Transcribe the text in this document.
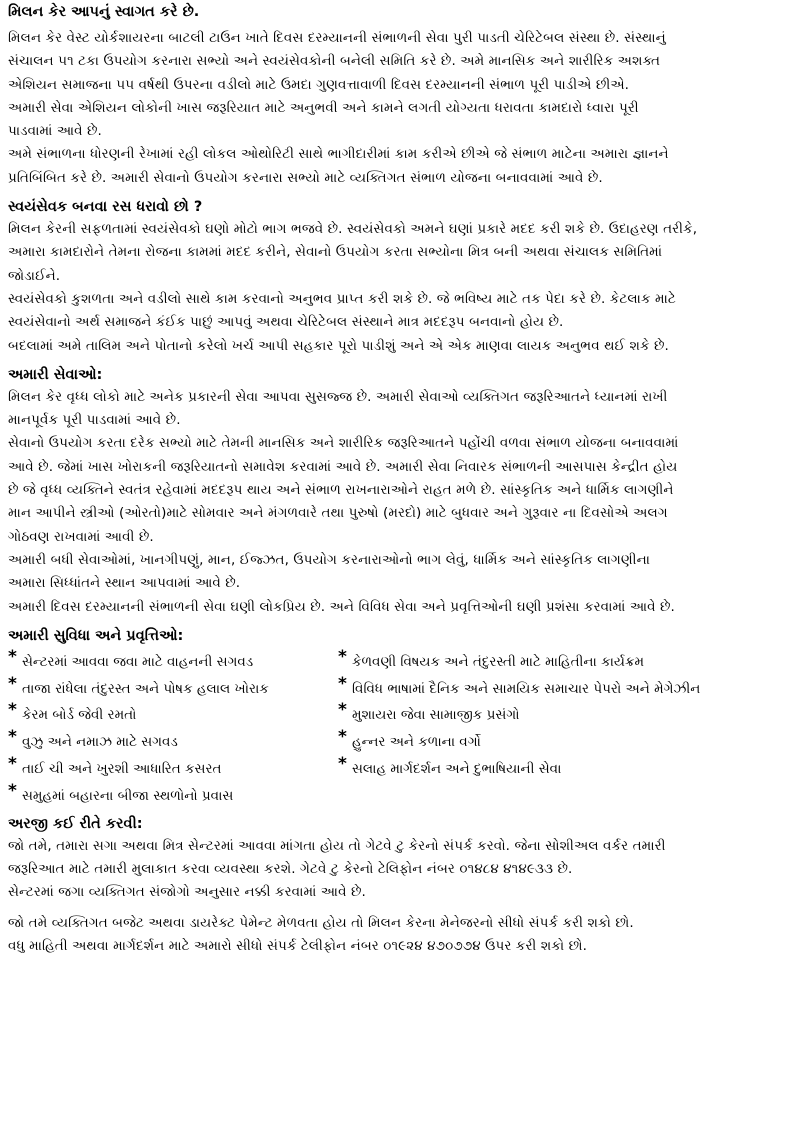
મિલન કેર આપનું સ્વાગત કરે છે.

મિલન કેર વેસ્ટ યોર્કશાયરના બાટલી ટાઉન ખાતે દિવસ દરમ્યાનની સંભાળની સેવા પુરી પાડતી ચેરિટેબલ સંસ્થા છે. સંસ્થાનું

સંચાલન ૫૧ ટકા ઉપયોગ કરનારા સભ્યો અને સ્વયંસેવકોની બનેલી સમિતિ કરે છે. અમે માનસિક અને શારીરિક અશક્ત

એશિયન સમાજના ૫૫ વર્ષથી ઉપરના વડીલો માટે ઉમદા ગુણવત્તાવાળી દિવસ દરમ્યાનની સંભાળ પૂરી પાડીએ છીએ.

અમારી સેવા એશિયન લોકોની ખાસ જરૂરિયાત માટે અનુભવી અને કામને લગતી યોગ્યતા ધરાવતા કામદારો ધ્વારા પૂરી

પાડવામાં આવે છે.

અમે સંભાળના ધોરણની રેખામાં રહી લોકલ ઓથોરિટી સાથે ભાગીદારીમાં કામ કરીએ છીએ જે સંભાળ માટેના અમારા જ્ઞાનને

પ્રતિબિંબિત કરે છે. અમારી સેવાનો ઉપયોગ કરનારા સભ્યો માટે વ્યક્તિગત સંભાળ યોજના બનાવવામાં આવે છે.

સ્વયંસેવક બનવા રસ ધરાવો છો ?

મિલન કેરની સફળતામાં સ્વયંસેવકો ઘણો મોટો ભાગ ભજવે છે. સ્વયંસેવકો અમને ઘણાં પ્રકારે મદદ કરી શકે છે. ઉદાહરણ તરીકે,

અમારા કામદારોને તેમના રોજના કામમાં મદદ કરીને, સેવાનો ઉપયોગ કરતા સભ્યોના મિત્ર બની અથવા સંચાલક સમિતિમાં

જોડાઈને.

સ્વયંસેવકો કુશળતા અને વડીલો સાથે કામ કરવાનો અનુભવ પ્રાપ્ત કરી શકે છે. જે ભવિષ્ય માટે તક પેદા કરે છે. કેટલાક માટે

સ્વયંસેવાનો અર્થ સમાજને કંઈક પાછું આપવું અથવા ચેરિટેબલ સંસ્થાને માત્ર મદદરૂપ બનવાનો હોય છે.

બદલામાં અમે તાલિમ અને પોતાનો કરેલો ખર્ચ આપી સહકાર પૂરો પાડીશું અને એ એક માણવા લાયક અનુભવ થઈ શકે છે.

અમારી સેવાઓ:

મિલન કેર વૃધ્ધ લોકો માટે અનેક પ્રકારની સેવા આપવા સુસજ્જ છે. અમારી સેવાઓ વ્યક્તિગત જરૂરિઆતને ધ્યાનમાં રાખી

માનપૂર્વક પૂરી પાડવામાં આવે છે.

સેવાનો ઉપયોગ કરતા દરેક સભ્યો માટે તેમની માનસિક અને શારીરિક જરૂરિઆતને પહોંચી વળવા સંભાળ યોજના બનાવવામાં

આવે છે. જેમાં ખાસ ખોરાકની જરૂરિયાતનો સમાવેશ કરવામાં આવે છે. અમારી સેવા નિવારક સંભાળની આસપાસ કેન્દ્રીત હોય

છે જે વૃધ્ધ વ્યક્તિને સ્વતંત્ર રહેવામાં મદદરૂપ થાય અને સંભાળ રાખનારાઓને રાહત મળે છે. સાંસ્કૃતિક અને ધાર્મિક લાગણીને

માન આપીને સ્ત્રીઓ (ઓરતો)માટે સોમવાર અને મંગળવારે તથા પુરુષો (મરદો) માટે બુધવાર અને ગુરૂવાર ના દિવસોએ અલગ

ગોઠવણ રાખવામાં આવી છે.

અમારી બધી સેવાઓમાં, ખાનગીપણું, માન, ઈજ્ઝત, ઉપયોગ કરનારાઓનો ભાગ લેવું, ધાર્મિક અને સાંસ્કૃતિક લાગણીના

અમારા સિધ્ધાંતને સ્થાન આપવામાં આવે છે.

અમારી દિવસ દરમ્યાનની સંભાળની સેવા ઘણી લોકપ્રિય છે. અને વિવિધ સેવા અને પ્રવૃત્તિઓની ઘણી પ્રશંસા કરવામાં આવે છે.

અમારી સુવિધા અને પ્રવૃત્તિઓ:
* સેન્ટરમાં આવવા જવા માટે વાહનની સગવડ	* કેળવણી વિષયક અને તંદુરસ્તી માટે માહિતીના કાર્યક્રમ
* તાજા રાંધેલા તંદુરસ્ત અને પોષક હલાલ ખોરાક	* વિવિધ ભાષામાં દૈનિક અને સામયિક સમાચાર પેપરો અને મેગેઝીન
* કેરમ બોર્ડ જેવી રમતો	* મુશાયરા જેવા સામાજીક પ્રસંગો
* વુઝુ અને નમાઝ માટે સગવડ	* હુન્નર અને કળાના વર્ગો
* તાઈ ચી અને ખુરશી આધારિત કસરત	* સલાહ માર્ગદર્શન અને દુભાષિયાની સેવા
* સમુહમાં બહારના બીજા સ્થળોનો પ્રવાસ
અરજી કઈ રીતે કરવી:

જો તમે, તમારા સગા અથવા મિત્ર સેન્ટરમાં આવવા માંગતા હોય તો ગેટવે ટુ કેરનો સંપર્ક કરવો. જેના સોશીઅલ વર્કર તમારી

જરૂરિઆત માટે તમારી મુલાકાત કરવા વ્યવસ્થા કરશે. ગેટવે ટુ કેરનો ટેલિફોન નંબર ૦૧૪૮૪ ૪૧૪૯૩૩ છે.

સેન્ટરમાં જગા વ્યક્તિગત સંજોગો અનુસાર નક્કી કરવામાં આવે છે.

જો તમે વ્યક્તિગત બજેટ અથવા ડાયરેક્ટ પેમેન્ટ મેળવતા હોય તો મિલન કેરના મેનેજરનો સીધો સંપર્ક કરી શકો છો.

વધુ માહિતી અથવા માર્ગદર્શન માટે અમારો સીધો સંપર્ક ટેલીફોન નંબર ૦૧૯૨૪ ૪૭૦૭૭૪ ઉપર કરી શકો છો.
